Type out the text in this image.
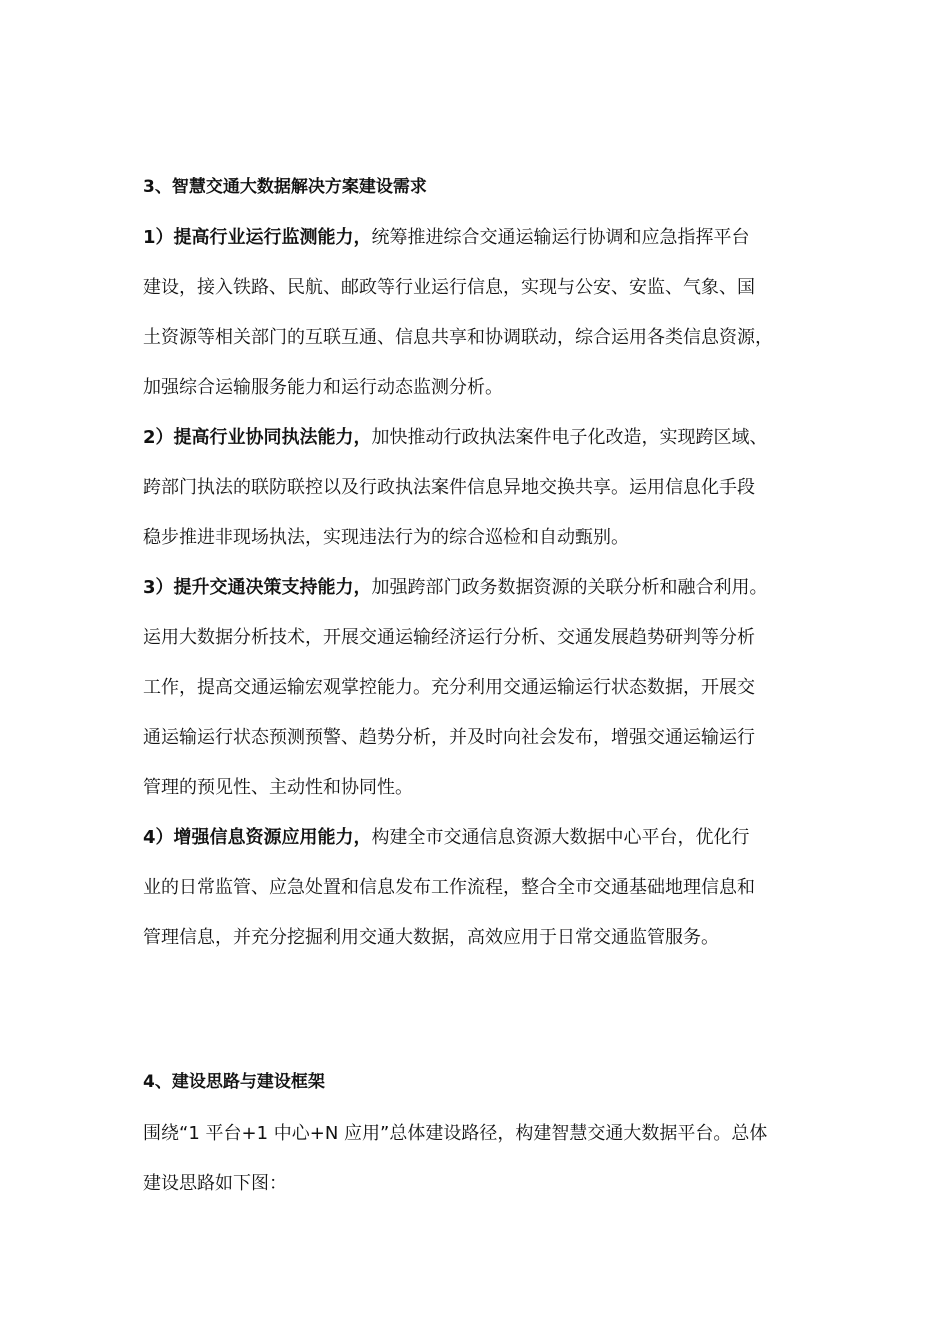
3、智慧交通大数据解决方案建设需求
1）提高行业运行监测能力，统筹推进综合交通运输运行协调和应急指挥平台
建设，接入铁路、民航、邮政等行业运行信息，实现与公安、安监、气象、国
土资源等相关部门的互联互通、信息共享和协调联动，综合运用各类信息资源，
加强综合运输服务能力和运行动态监测分析。
2）提高行业协同执法能力，加快推动行政执法案件电子化改造，实现跨区域、
跨部门执法的联防联控以及行政执法案件信息异地交换共享。运用信息化手段
稳步推进非现场执法，实现违法行为的综合巡检和自动甄别。
3）提升交通决策支持能力，加强跨部门政务数据资源的关联分析和融合利用。
运用大数据分析技术，开展交通运输经济运行分析、交通发展趋势研判等分析
工作，提高交通运输宏观掌控能力。充分利用交通运输运行状态数据，开展交
通运输运行状态预测预警、趋势分析，并及时向社会发布，增强交通运输运行
管理的预见性、主动性和协同性。
4）增强信息资源应用能力，构建全市交通信息资源大数据中心平台，优化行
业的日常监管、应急处置和信息发布工作流程，整合全市交通基础地理信息和
管理信息，并充分挖掘利用交通大数据，高效应用于日常交通监管服务。
4、建设思路与建设框架
围绕“1 平台+1 中心+N 应用”总体建设路径，构建智慧交通大数据平台。总体
建设思路如下图：
